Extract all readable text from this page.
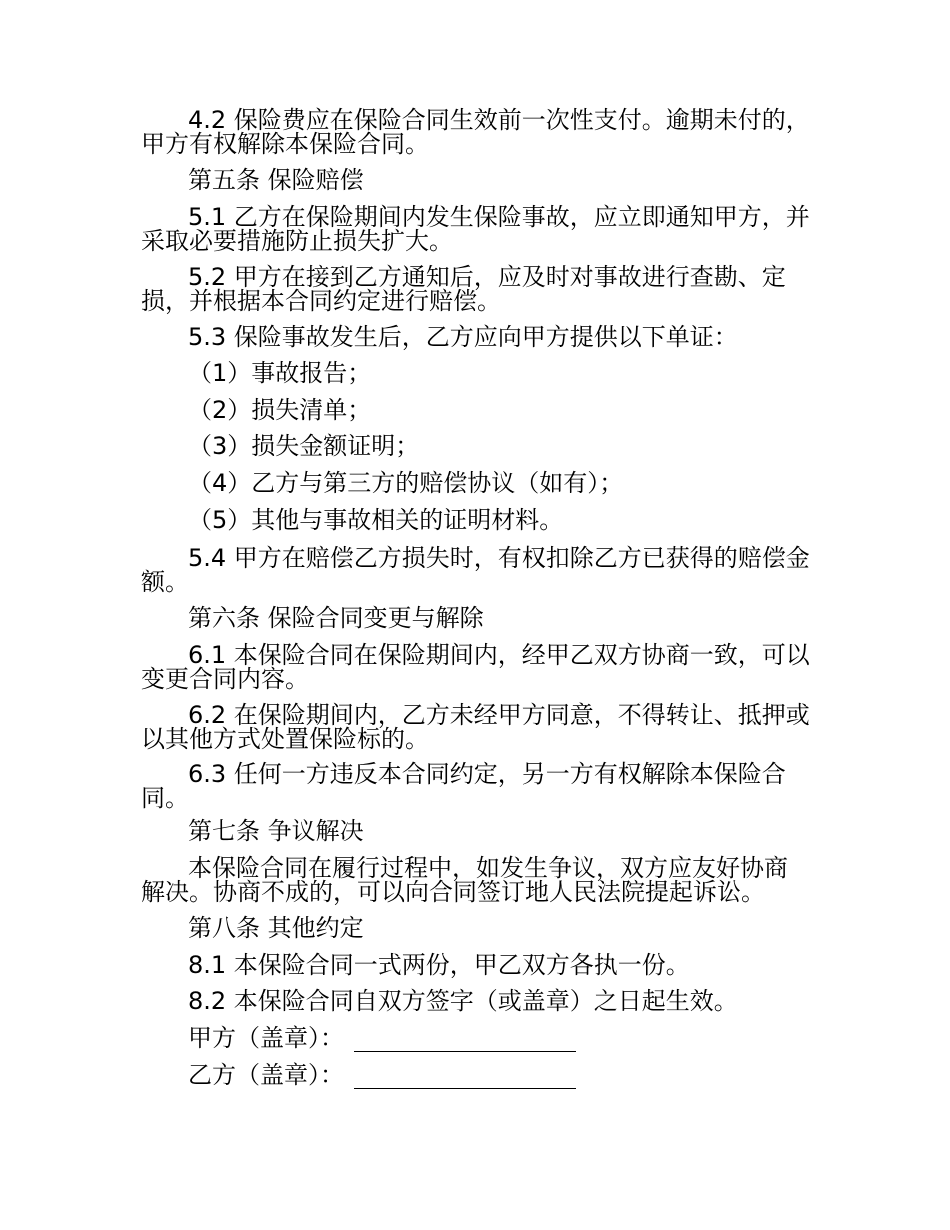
4.2 保险费应在保险合同生效前一次性支付。逾期未付的，甲方有权解除本保险合同。

第五条 保险赔偿

5.1 乙方在保险期间内发生保险事故，应立即通知甲方，并采取必要措施防止损失扩大。

5.2 甲方在接到乙方通知后，应及时对事故进行查勘、定损，并根据本合同约定进行赔偿。

5.3 保险事故发生后，乙方应向甲方提供以下单证：

（1）事故报告；

（2）损失清单；

（3）损失金额证明；

（4）乙方与第三方的赔偿协议（如有）；

（5）其他与事故相关的证明材料。

5.4 甲方在赔偿乙方损失时，有权扣除乙方已获得的赔偿金额。

第六条 保险合同变更与解除

6.1 本保险合同在保险期间内，经甲乙双方协商一致，可以变更合同内容。

6.2 在保险期间内，乙方未经甲方同意，不得转让、抵押或以其他方式处置保险标的。

6.3 任何一方违反本合同约定，另一方有权解除本保险合同。

第七条 争议解决

本保险合同在履行过程中，如发生争议，双方应友好协商解决。协商不成的，可以向合同签订地人民法院提起诉讼。

第八条 其他约定

8.1 本保险合同一式两份，甲乙双方各执一份。

8.2 本保险合同自双方签字（或盖章）之日起生效。

甲方（盖章）：
乙方（盖章）：
